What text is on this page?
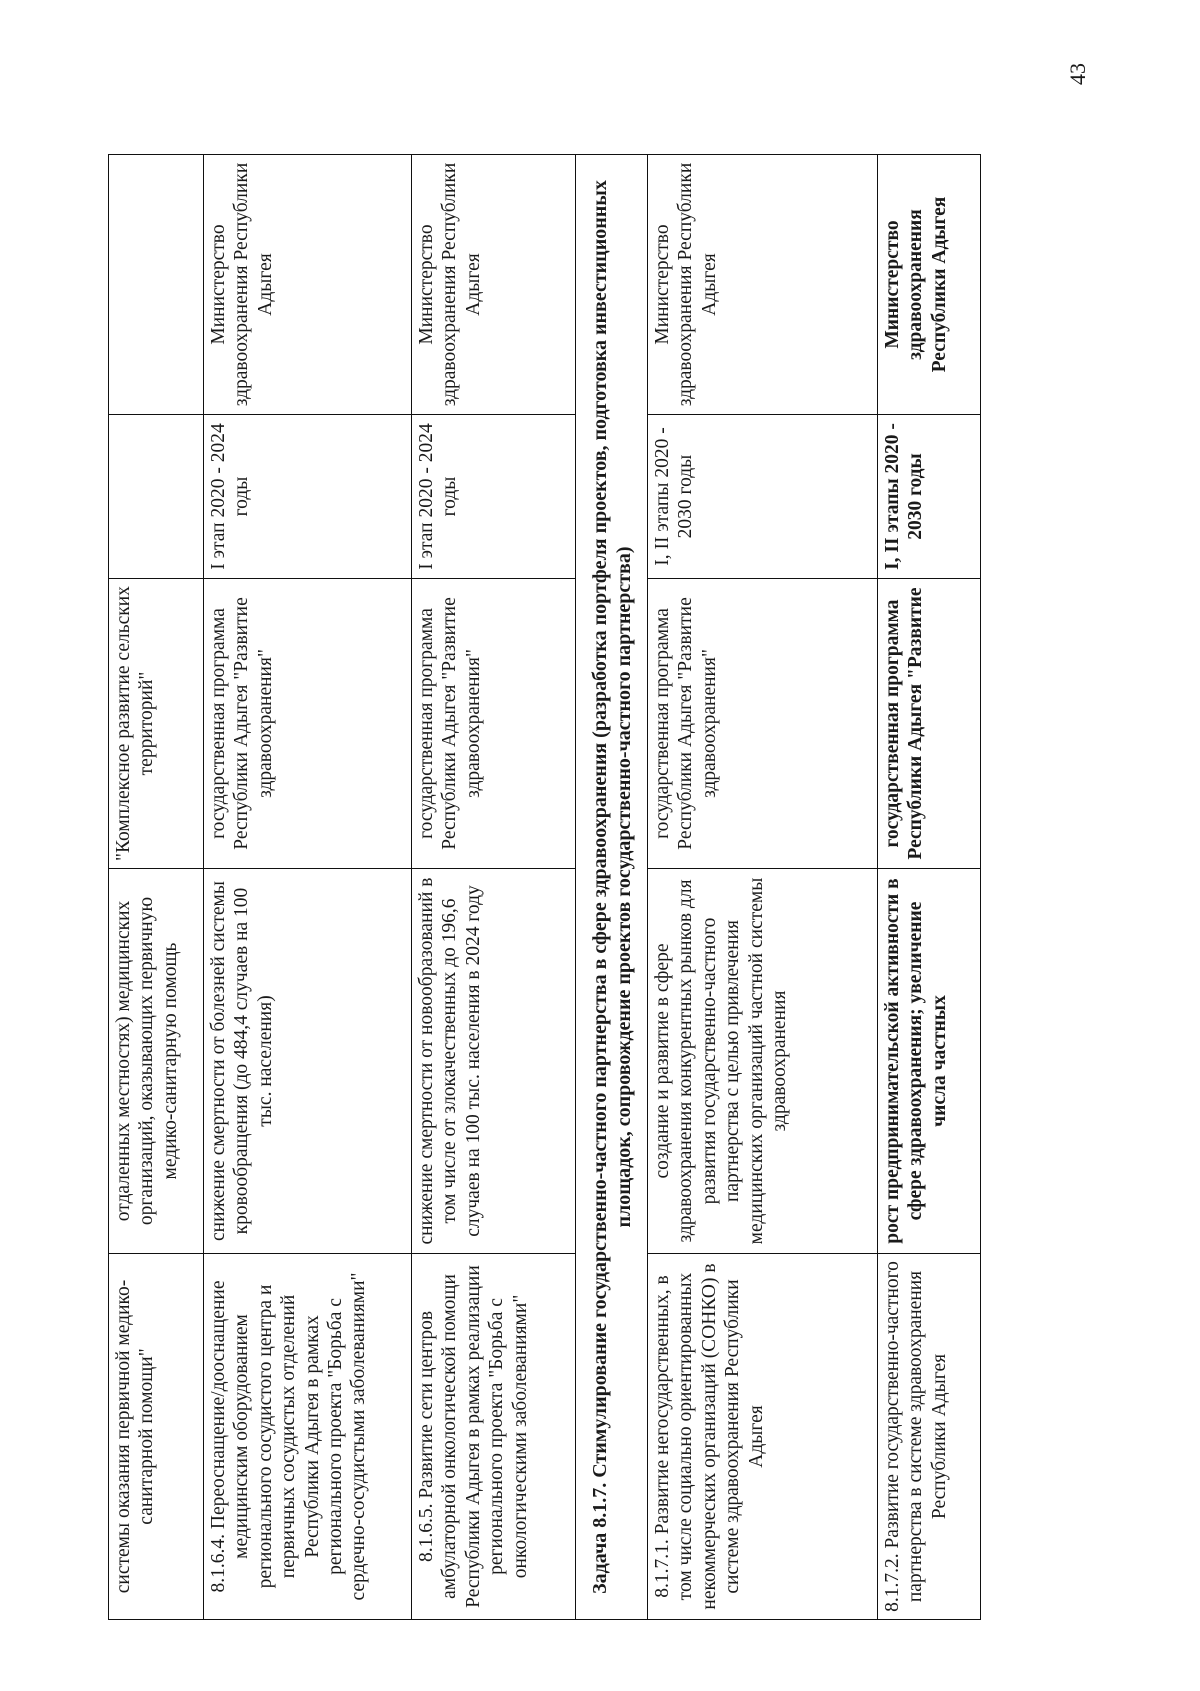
43
системы оказания первичной медико-санитарной помощи"	отдаленных местностях) медицинских организаций, оказывающих первичную медико-санитарную помощь	"Комплексное развитие сельских территорий"		
8.1.6.4. Переоснащение/дооснащение медицинским оборудованием регионального сосудистого центра и первичных сосудистых отделений Республики Адыгея в рамках регионального проекта "Борьба с сердечно-сосудистыми заболеваниями"	снижение смертности от болезней системы кровообращения (до 484,4 случаев на 100 тыс. населения)	государственная программа Республики Адыгея "Развитие здравоохранения"	I этап 2020 - 2024 годы	Министерство здравоохранения Республики Адыгея
8.1.6.5. Развитие сети центров амбулаторной онкологической помощи Республики Адыгея в рамках реализации регионального проекта "Борьба с онкологическими заболеваниями"	снижение смертности от новообразований в том числе от злокачественных до 196,6 случаев на 100 тыс. населения в 2024 году	государственная программа Республики Адыгея "Развитие здравоохранения"	I этап 2020 - 2024 годы	Министерство здравоохранения Республики Адыгея
Задача 8.1.7. Стимулирование государственно-частного партнерства в сфере здравоохранения (разработка портфеля проектов, подготовка инвестиционных площадок, сопровождение проектов государственно-частного партнерства)				
8.1.7.1. Развитие негосударственных, в том числе социально ориентированных некоммерческих организаций (СОНКО) в системе здравоохранения Республики Адыгея	создание и развитие в сфере здравоохранения конкурентных рынков для развития государственно-частного партнерства с целью привлечения медицинских организаций частной системы здравоохранения	государственная программа Республики Адыгея "Развитие здравоохранения"	I, II этапы 2020 - 2030 годы	Министерство здравоохранения Республики Адыгея
8.1.7.2. Развитие государственно-частного партнерства в системе здравоохранения Республики Адыгея	рост предпринимательской активности в сфере здравоохранения; увеличение числа частных	государственная программа Республики Адыгея "Развитие	I, II этапы 2020 - 2030 годы	Министерство здравоохранения Республики Адыгея
